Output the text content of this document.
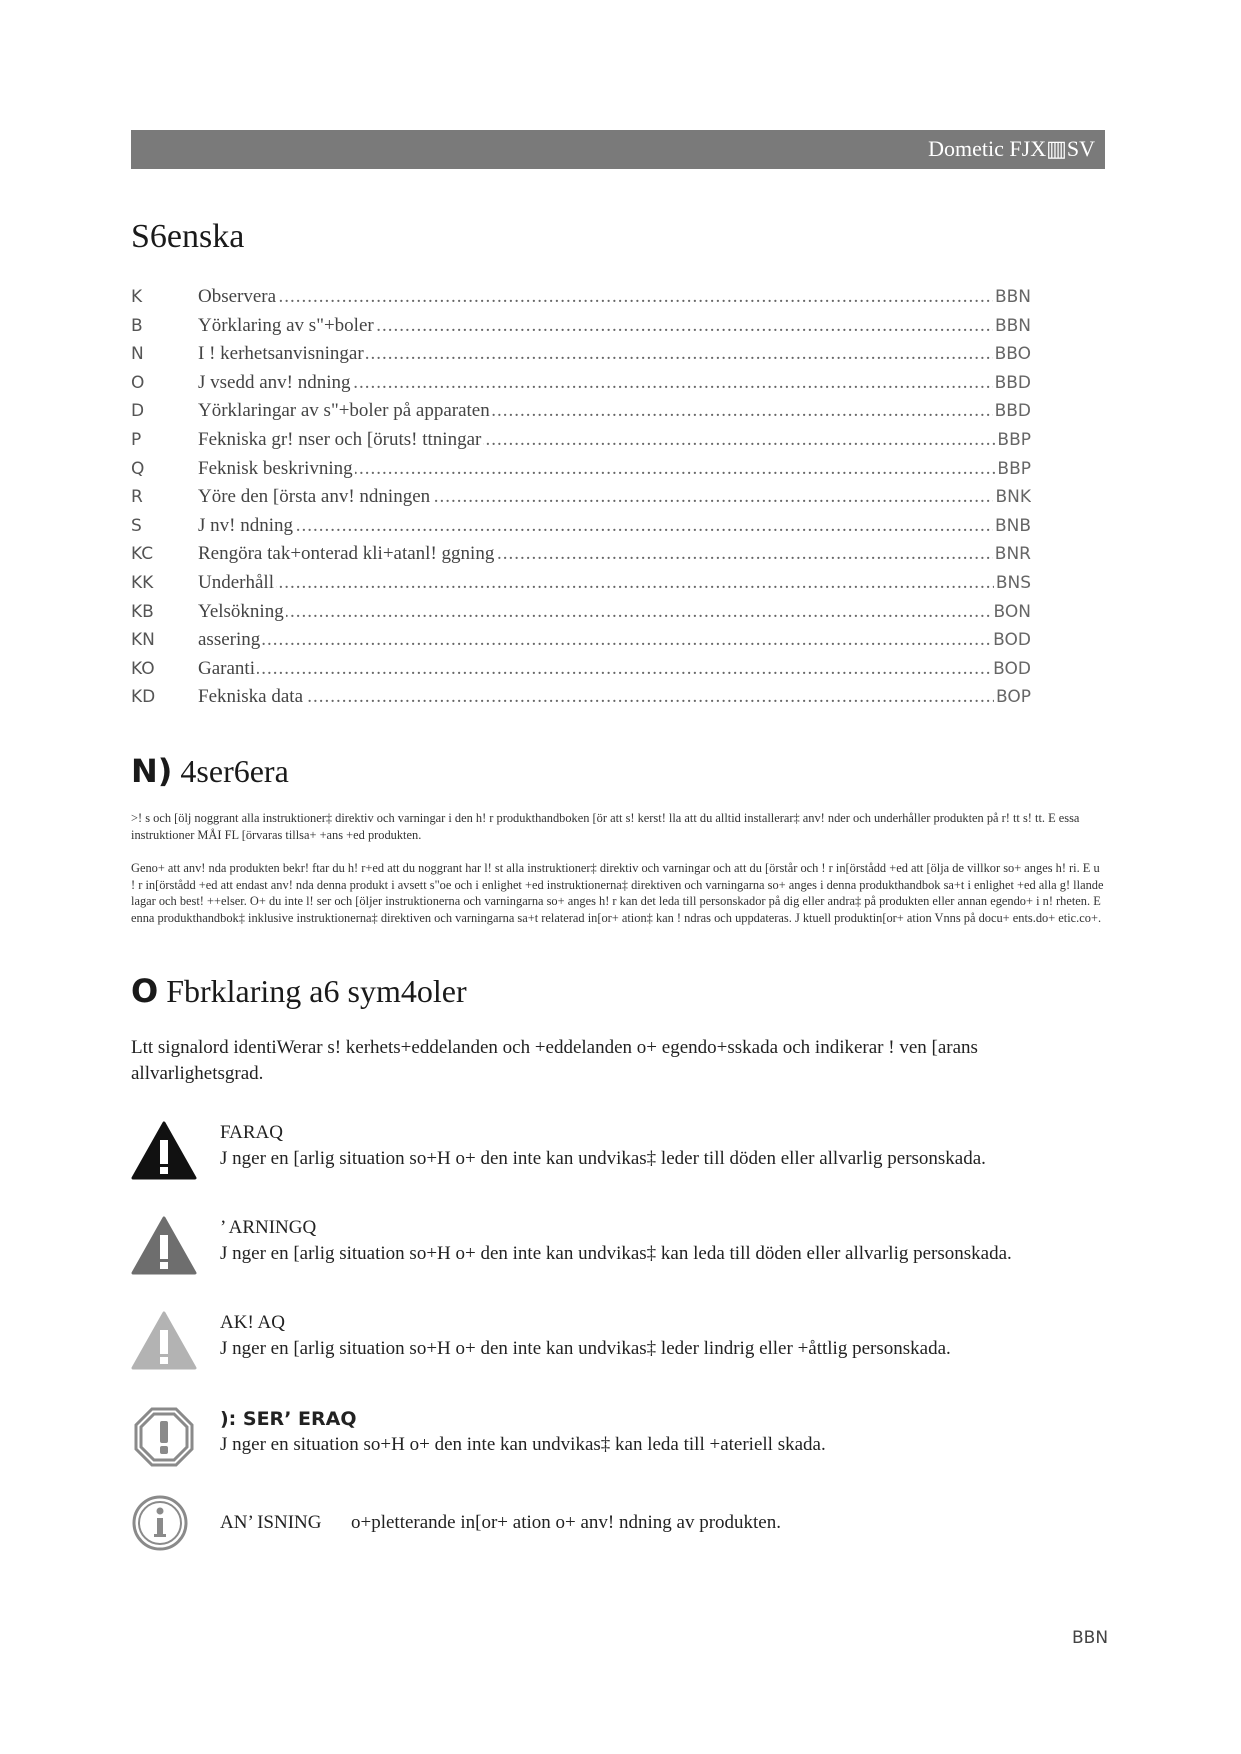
Dometic FJX▥SV
S6enska
K	..... Observera	BBN
B	..... Yörklaring av s"+boler	BBN
N	..... I ! kerhetsanvisningar	BBO
O	..... J vsedd anv! ndning	BBD
D	..... Yörklaringar av s"+boler på apparaten	BBD
P	..... Fekniska gr! nser och [öruts! ttningar	BBP
Q	..... Feknisk beskrivning	BBP
R	..... Yöre den [örsta anv! ndningen	BNK
S	..... J nv! ndning	BNB
KC	..... Rengöra tak+onterad kli+atanl! ggning	BNR
KK	..... Underhåll	BNS
KB	..... Yelsökning	BON
KN	..... assering	BOD
KO	..... Garanti	BOD
KD	..... Fekniska data	BOP
N) 4ser6era

>! s och [ölj noggrant alla instruktioner‡ direktiv och varningar i den h! r produkthandboken [ör att s! kerst! lla att du alltid installerar‡ anv! nder och underhåller produkten på r! tt s! tt. E essa instruktioner MÅI FL [örvaras tillsa+ +ans +ed produkten.

Geno+ att anv! nda produkten bekr! ftar du h! r+ed att du noggrant har l! st alla instruktioner‡ direktiv och varningar och att du [örstår och ! r in[örstådd +ed att [ölja de villkor so+ anges h! ri. E u ! r in[örstådd +ed att endast anv! nda denna produkt i avsett s"oe och i enlighet +ed instruktionerna‡ direktiven och varningarna so+ anges i denna produkthandbok sa+t i enlighet +ed alla g! llande lagar och best! ++elser. O+ du inte l! ser och [öljer instruktionerna och varningarna so+ anges h! r kan det leda till personskador på dig eller andra‡ på produkten eller annan egendo+ i n! rheten. E enna produkthandbok‡ inklusive instruktionerna‡ direktiven och varningarna sa+t relaterad in[or+ ation‡ kan ! ndras och uppdateras. J ktuell produktin[or+ ation Vnns på docu+ ents.do+ etic.co+.

O Fbrklaring a6 sym4oler

Ltt signalord identiWerar s! kerhets+eddelanden och +eddelanden o+ egendo+sskada och indikerar ! ven [arans allvarlighetsgrad.

FARAQ
J nger en [arlig situation so+H o+ den inte kan undvikas‡ leder till döden eller allvarlig personskada.
’ ARNINGQ
J nger en [arlig situation so+H o+ den inte kan undvikas‡ kan leda till döden eller allvarlig personskada.
AK! AQ
J nger en [arlig situation so+H o+ den inte kan undvikas‡ leder lindrig eller +åttlig personskada.
): SER’ ERAQ
J nger en situation so+H o+ den inte kan undvikas‡ kan leda till +ateriell skada.
AN’ ISNING o+pletterande in[or+ ation o+ anv! ndning av produkten.
BBN
